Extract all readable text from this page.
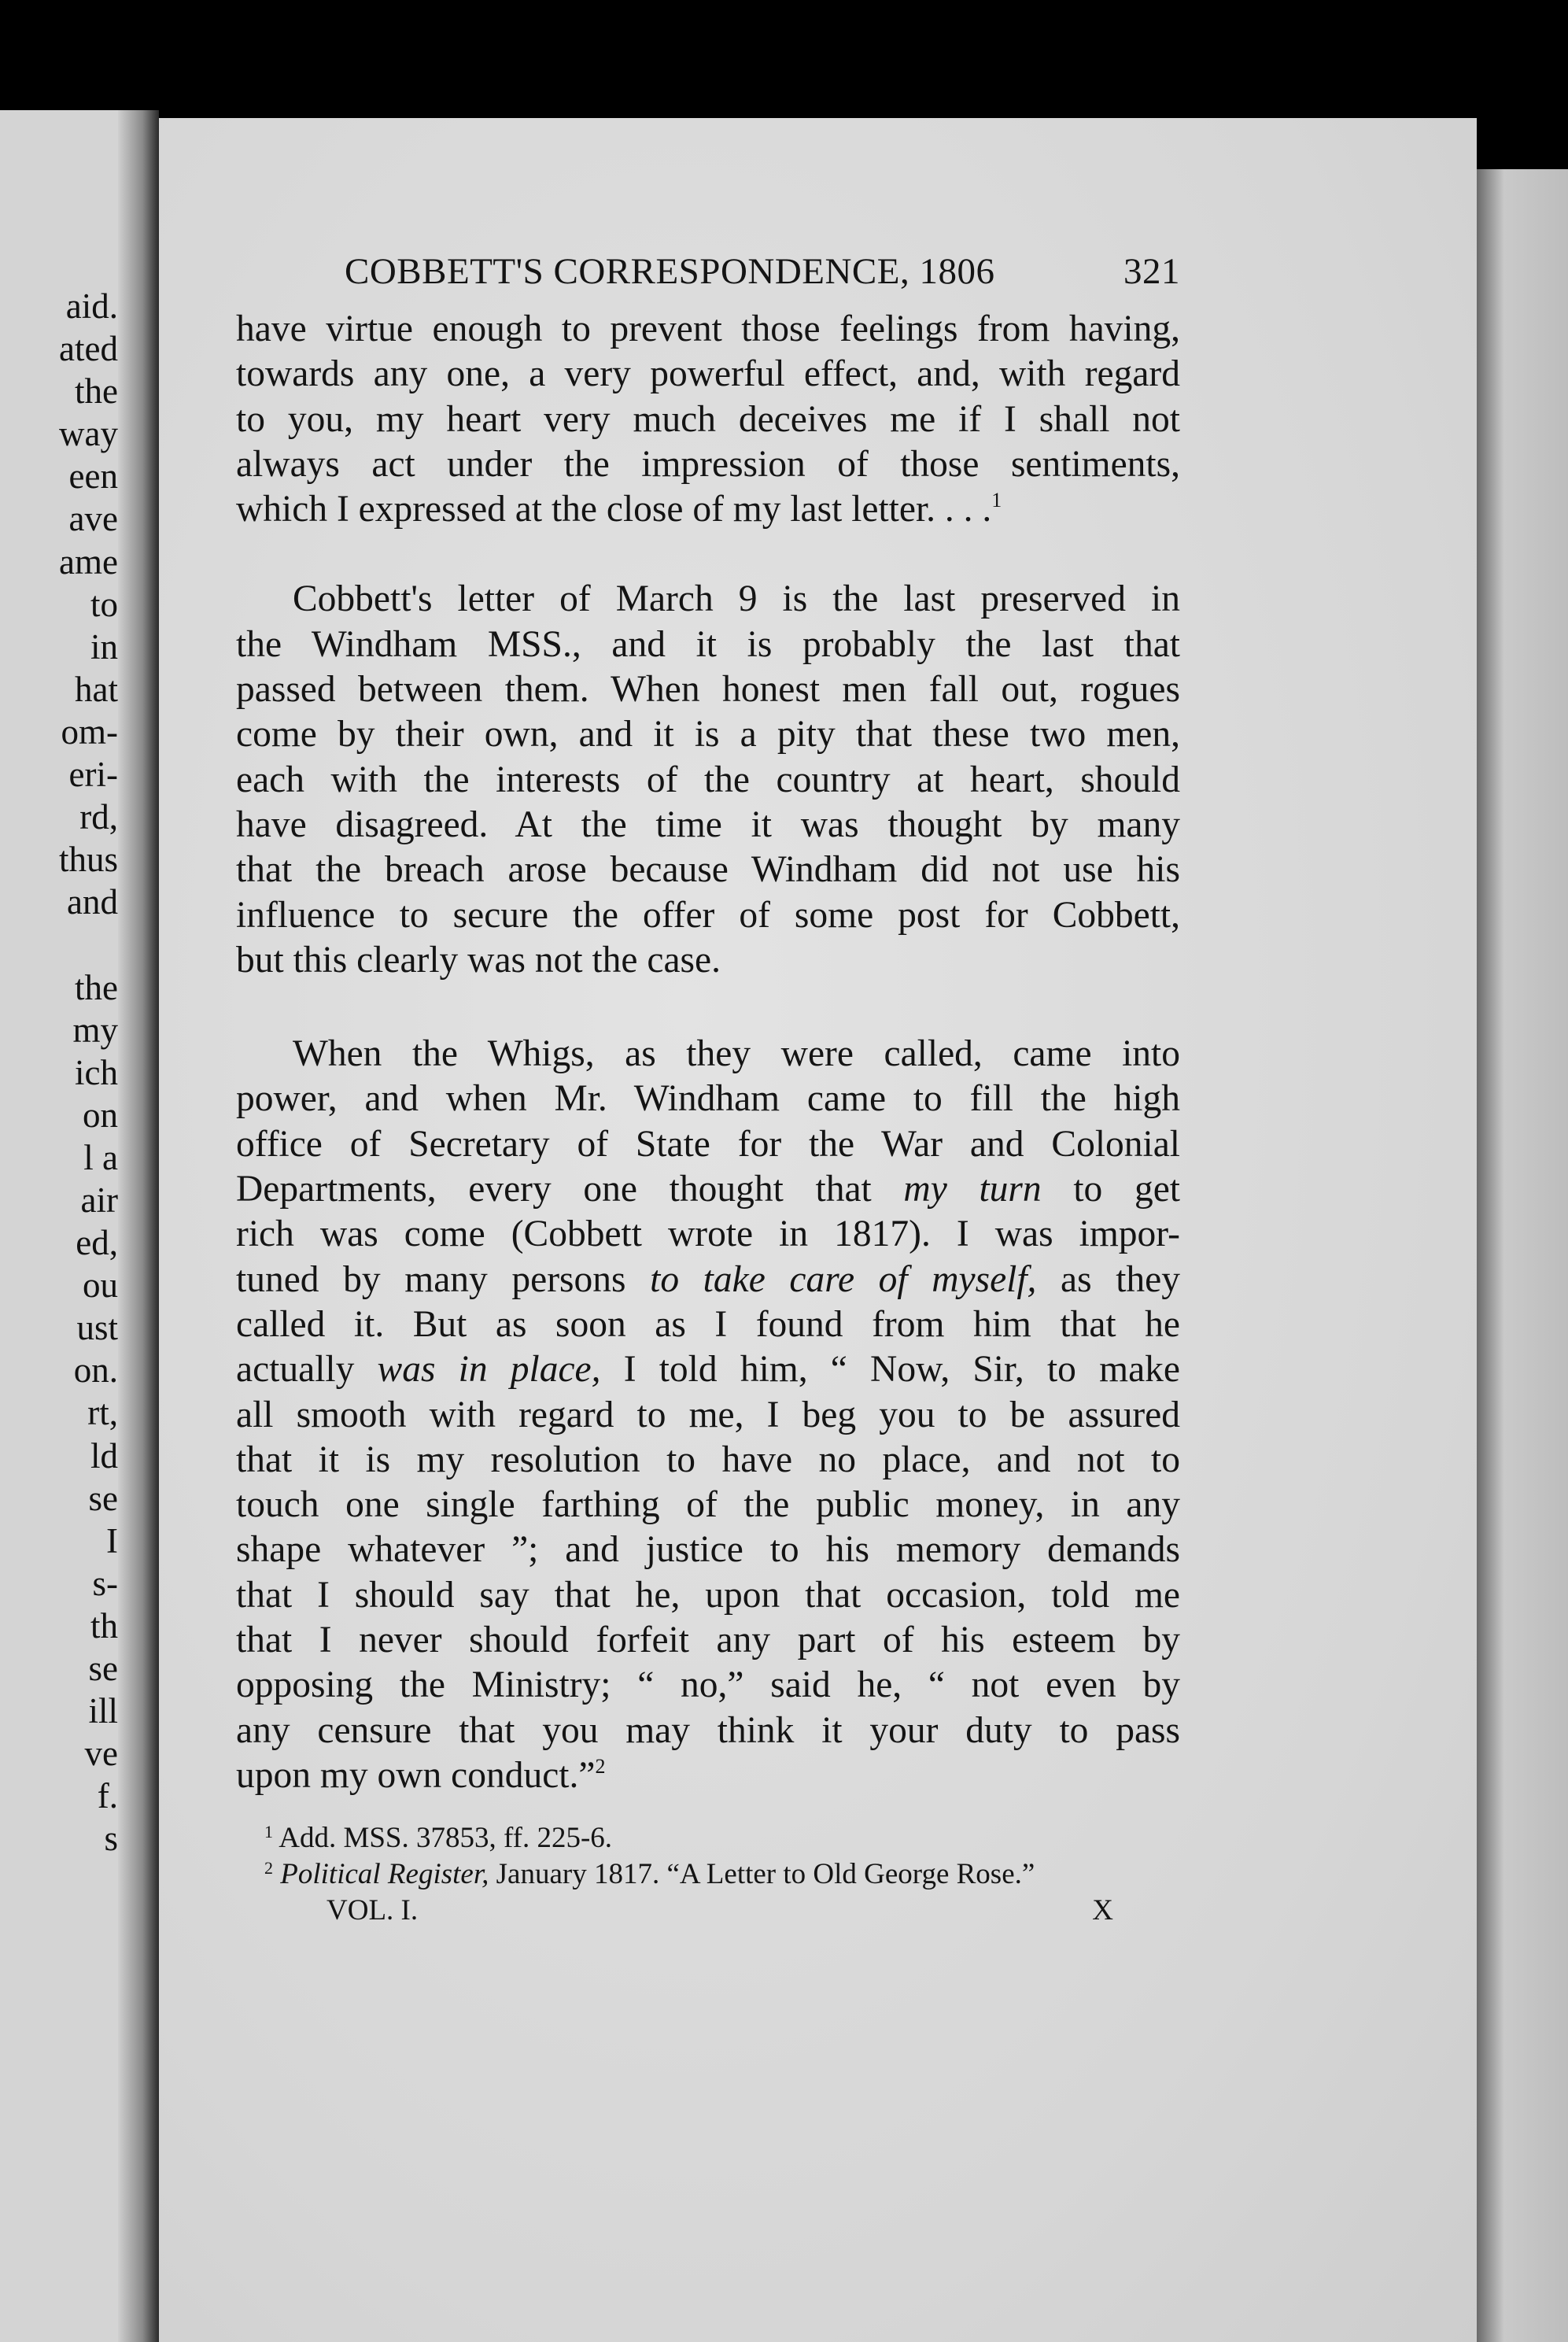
aid.
ated
the
way
een
ave
ame
to
in
hat
om-
eri-
rd,
thus
and
the
my
ich
on
l a
air
ed,
ou
ust
on.
rt,
ld
se
I
s-
th
se
ill
ve
f.
s
COBBETT'S CORRESPONDENCE, 1806	321
have virtue enough to prevent those feelings from having,
towards any one, a very powerful effect, and, with regard
to you, my heart very much deceives me if I shall not
always act under the impression of those sentiments,
which I expressed at the close of my last letter. . . .$^1$
Cobbett's letter of March 9 is the last preserved in
the Windham MSS., and it is probably the last that
passed between them. When honest men fall out, rogues
come by their own, and it is a pity that these two men,
each with the interests of the country at heart, should
have disagreed. At the time it was thought by many
that the breach arose because Windham did not use his
influence to secure the offer of some post for Cobbett,
but this clearly was not the case.
When the Whigs, as they were called, came into
power, and when Mr. Windham came to fill the high
office of Secretary of State for the War and Colonial
Departments, every one thought that my turn to get
rich was come (Cobbett wrote in 1817). I was impor-
tuned by many persons to take care of myself, as they
called it. But as soon as I found from him that he
actually was in place, I told him, “ Now, Sir, to make
all smooth with regard to me, I beg you to be assured
that it is my resolution to have no place, and not to
touch one single farthing of the public money, in any
shape whatever ”; and justice to his memory demands
that I should say that he, upon that occasion, told me
that I never should forfeit any part of his esteem by
opposing the Ministry; “ no,” said he, “ not even by
any censure that you may think it your duty to pass
upon my own conduct.”$^2$
$^1$ Add. MSS. 37853, ff. 225-6.
$^2$ Political Register, January 1817. “A Letter to Old George Rose.”
VOL. I.	X
